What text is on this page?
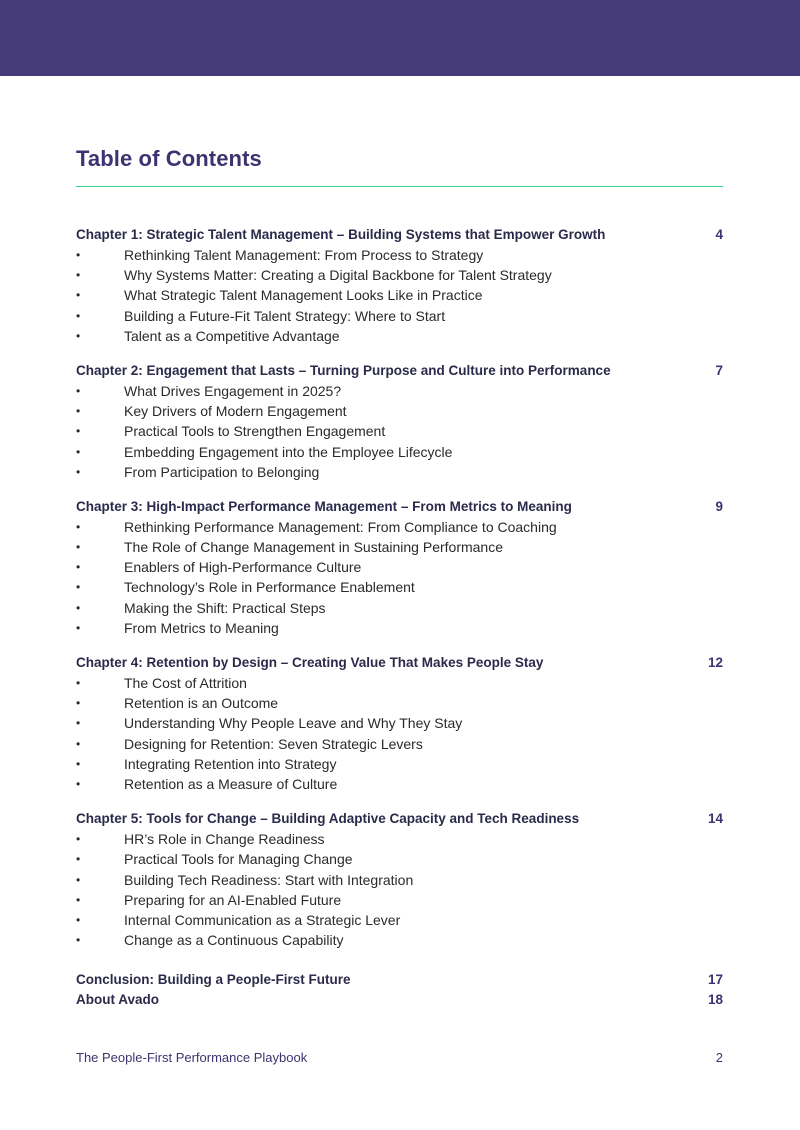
Table of Contents
Chapter 1: Strategic Talent Management – Building Systems that Empower Growth	4
•	Rethinking Talent Management: From Process to Strategy
•	Why Systems Matter: Creating a Digital Backbone for Talent Strategy
•	What Strategic Talent Management Looks Like in Practice
•	Building a Future-Fit Talent Strategy: Where to Start
•	Talent as a Competitive Advantage
Chapter 2: Engagement that Lasts – Turning Purpose and Culture into Performance	7
•	What Drives Engagement in 2025?
•	Key Drivers of Modern Engagement
•	Practical Tools to Strengthen Engagement
•	Embedding Engagement into the Employee Lifecycle
•	From Participation to Belonging
Chapter 3: High-Impact Performance Management – From Metrics to Meaning	9
•	Rethinking Performance Management: From Compliance to Coaching
•	The Role of Change Management in Sustaining Performance
•	Enablers of High-Performance Culture
•	Technology’s Role in Performance Enablement
•	Making the Shift: Practical Steps
•	From Metrics to Meaning
Chapter 4: Retention by Design – Creating Value That Makes People Stay	12
•	The Cost of Attrition
•	Retention is an Outcome
•	Understanding Why People Leave and Why They Stay
•	Designing for Retention: Seven Strategic Levers
•	Integrating Retention into Strategy
•	Retention as a Measure of Culture
Chapter 5: Tools for Change – Building Adaptive Capacity and Tech Readiness	14
•	HR’s Role in Change Readiness
•	Practical Tools for Managing Change
•	Building Tech Readiness: Start with Integration
•	Preparing for an AI-Enabled Future
•	Internal Communication as a Strategic Lever
•	Change as a Continuous Capability
Conclusion: Building a People-First Future	17
About Avado	18
The People-First Performance Playbook	2
